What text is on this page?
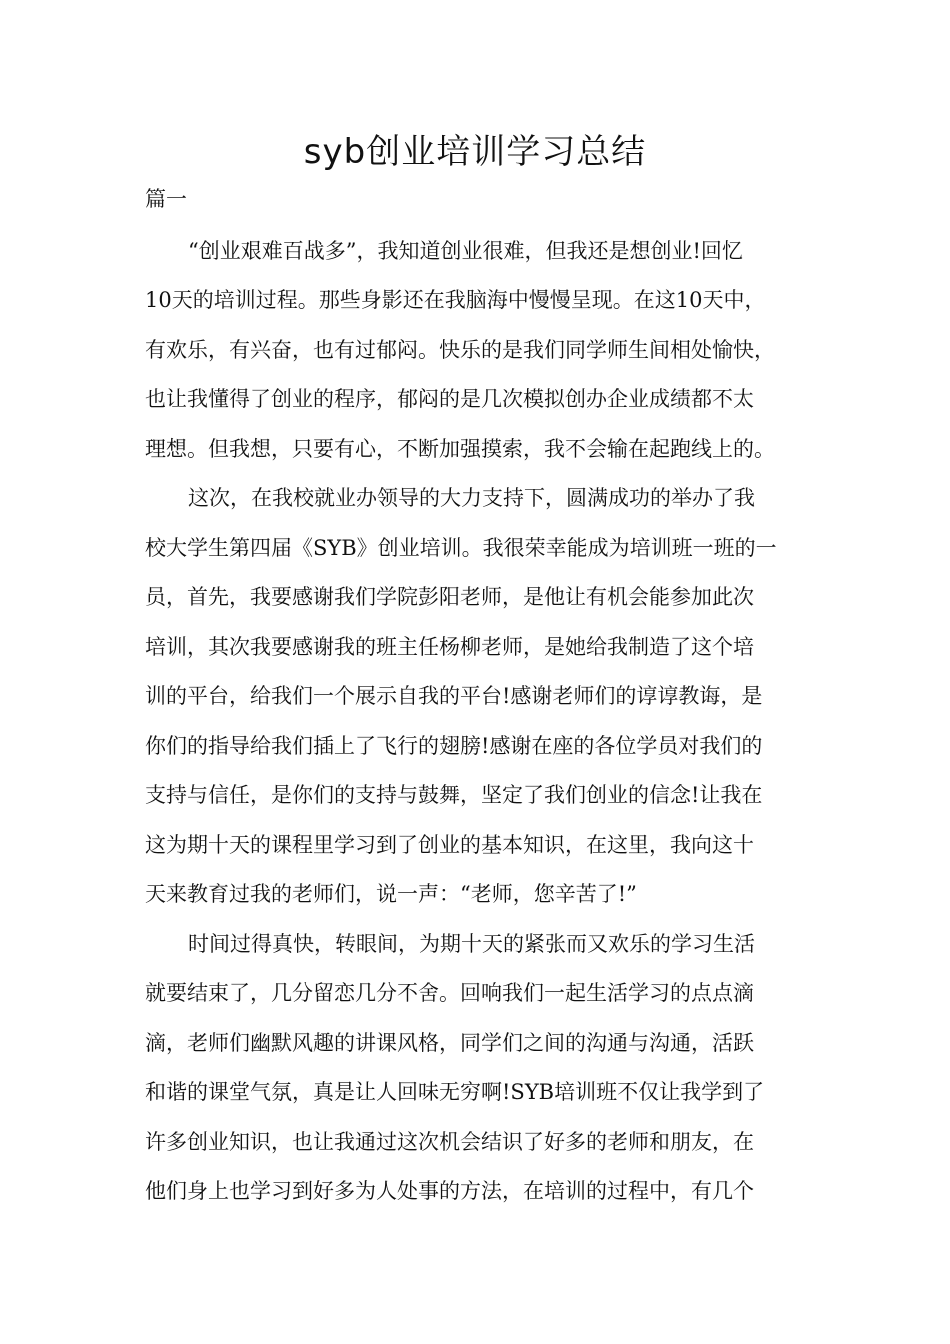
syb创业培训学习总结
篇一
“创业艰难百战多”，我知道创业很难，但我还是想创业!回忆
10天的培训过程。那些身影还在我脑海中慢慢呈现。在这10天中，
有欢乐，有兴奋，也有过郁闷。快乐的是我们同学师生间相处愉快，
也让我懂得了创业的程序，郁闷的是几次模拟创办企业成绩都不太
理想。但我想，只要有心，不断加强摸索，我不会输在起跑线上的。
这次，在我校就业办领导的大力支持下，圆满成功的举办了我
校大学生第四届《SYB》创业培训。我很荣幸能成为培训班一班的一
员，首先，我要感谢我们学院彭阳老师，是他让有机会能参加此次
培训，其次我要感谢我的班主任杨柳老师，是她给我制造了这个培
训的平台，给我们一个展示自我的平台!感谢老师们的谆谆教诲，是
你们的指导给我们插上了飞行的翅膀!感谢在座的各位学员对我们的
支持与信任，是你们的支持与鼓舞，坚定了我们创业的信念!让我在
这为期十天的课程里学习到了创业的基本知识，在这里，我向这十
天来教育过我的老师们，说一声：“老师，您辛苦了!”
时间过得真快，转眼间，为期十天的紧张而又欢乐的学习生活
就要结束了，几分留恋几分不舍。回响我们一起生活学习的点点滴
滴，老师们幽默风趣的讲课风格，同学们之间的沟通与沟通，活跃
和谐的课堂气氛，真是让人回味无穷啊!SYB培训班不仅让我学到了
许多创业知识，也让我通过这次机会结识了好多的老师和朋友，在
他们身上也学习到好多为人处事的方法，在培训的过程中，有几个
